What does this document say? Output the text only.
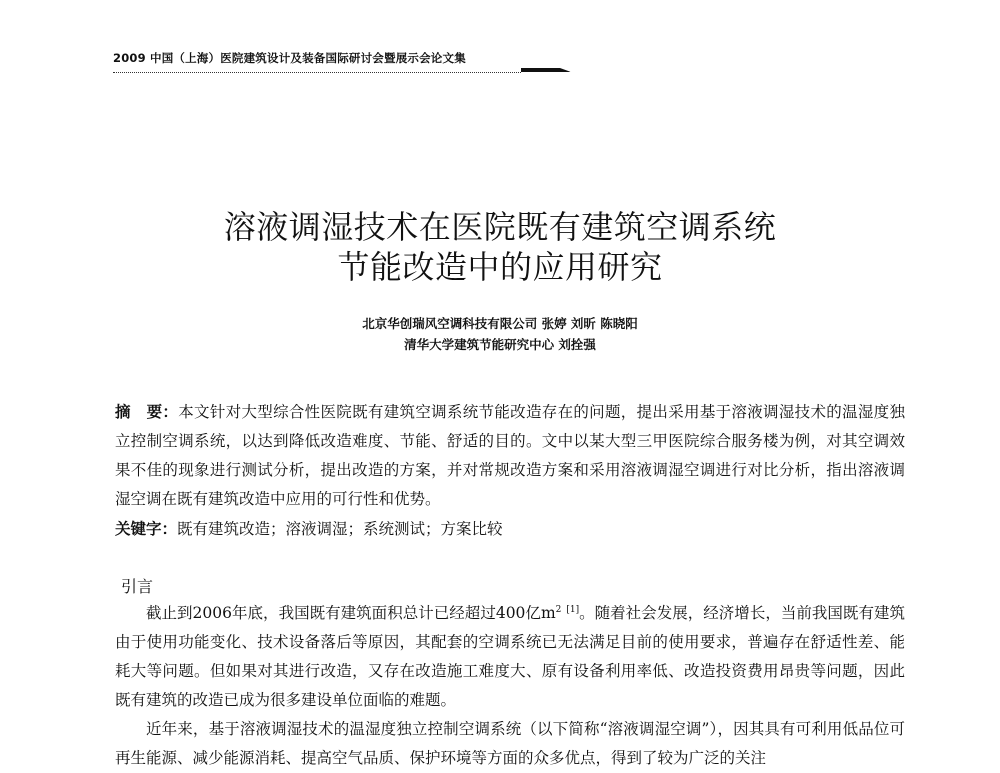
2009 中国（上海）医院建筑设计及装备国际研讨会暨展示会论文集
溶液调湿技术在医院既有建筑空调系统
节能改造中的应用研究
北京华创瑞风空调科技有限公司 张婷 刘昕 陈晓阳
清华大学建筑节能研究中心 刘拴强
摘　要：本文针对大型综合性医院既有建筑空调系统节能改造存在的问题，提出采用基于溶液调湿技术的温湿度独立控制空调系统，以达到降低改造难度、节能、舒适的目的。文中以某大型三甲医院综合服务楼为例，对其空调效果不佳的现象进行测试分析，提出改造的方案，并对常规改造方案和采用溶液调湿空调进行对比分析，指出溶液调湿空调在既有建筑改造中应用的可行性和优势。
关键字：既有建筑改造；溶液调湿；系统测试；方案比较
引言
截止到2006年底，我国既有建筑面积总计已经超过400亿$m^2$ [1]。随着社会发展，经济增长，当前我国既有建筑由于使用功能变化、技术设备落后等原因，其配套的空调系统已无法满足目前的使用要求，普遍存在舒适性差、能耗大等问题。但如果对其进行改造，又存在改造施工难度大、原有设备利用率低、改造投资费用昂贵等问题，因此既有建筑的改造已成为很多建设单位面临的难题。
近年来，基于溶液调湿技术的温湿度独立控制空调系统（以下简称“溶液调湿空调”），因其具有可利用低品位可再生能源、减少能源消耗、提高空气品质、保护环境等方面的众多优点，得到了较为广泛的关注
